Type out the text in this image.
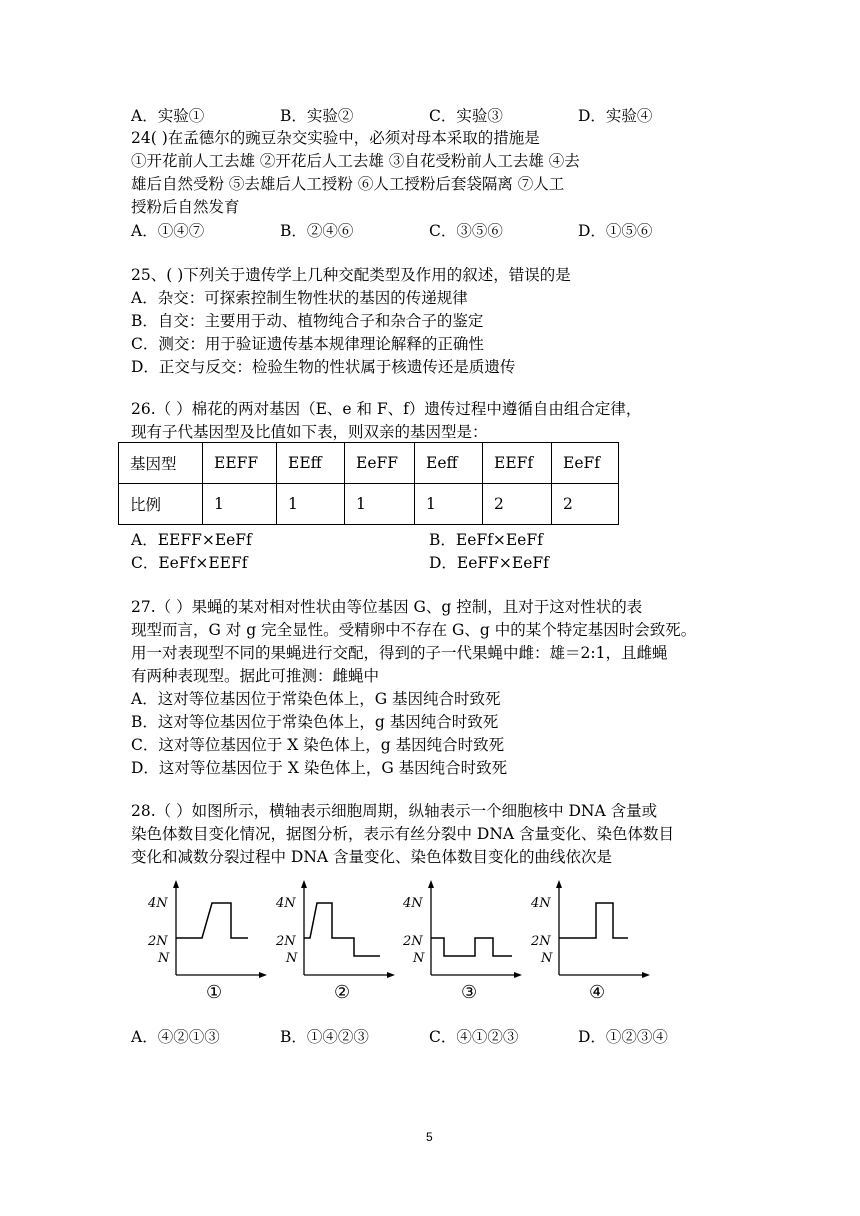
A．实验①	B．实验②	C．实验③	D．实验④
24( )在孟德尔的豌豆杂交实验中，必须对母本采取的措施是
①开花前人工去雄 ②开花后人工去雄 ③自花受粉前人工去雄 ④去
雄后自然受粉 ⑤去雄后人工授粉 ⑥人工授粉后套袋隔离 ⑦人工
授粉后自然发育
A．①④⑦	B．②④⑥	C．③⑤⑥	D．①⑤⑥
25、( )下列关于遗传学上几种交配类型及作用的叙述，错误的是
A．杂交：可探索控制生物性状的基因的传递规律
B．自交：主要用于动、植物纯合子和杂合子的鉴定
C．测交：用于验证遗传基本规律理论解释的正确性
D．正交与反交：检验生物的性状属于核遗传还是质遗传
26.（ ）棉花的两对基因（E、e 和 F、f）遗传过程中遵循自由组合定律，
现有子代基因型及比值如下表，则双亲的基因型是：
基因型	EEFF	EEff	EeFF	Eeff	EEFf	EeFf
比例	1	1	1	1	2	2
A．EEFF×EeFf	B．EeFf×EeFf
C．EeFf×EEFf	D．EeFF×EeFf
27.（ ）果蝇的某对相对性状由等位基因 G、g 控制，且对于这对性状的表
现型而言，G 对 g 完全显性。受精卵中不存在 G、g 中的某个特定基因时会致死。
用一对表现型不同的果蝇进行交配，得到的子一代果蝇中雌：雄＝2:1，且雌蝇
有两种表现型。据此可推测：雌蝇中
A．这对等位基因位于常染色体上，G 基因纯合时致死
B．这对等位基因位于常染色体上，g 基因纯合时致死
C．这对等位基因位于 X 染色体上，g 基因纯合时致死
D．这对等位基因位于 X 染色体上，G 基因纯合时致死
28.（ ）如图所示，横轴表示细胞周期，纵轴表示一个细胞核中 DNA 含量或
染色体数目变化情况，据图分析，表示有丝分裂中 DNA 含量变化、染色体数目
变化和减数分裂过程中 DNA 含量变化、染色体数目变化的曲线依次是
4N
2N
N
①
4N
2N
N
②
4N
2N
N
③
4N
2N
N
④
A．④②①③	B．①④②③	C．④①②③	D．①②③④
5
